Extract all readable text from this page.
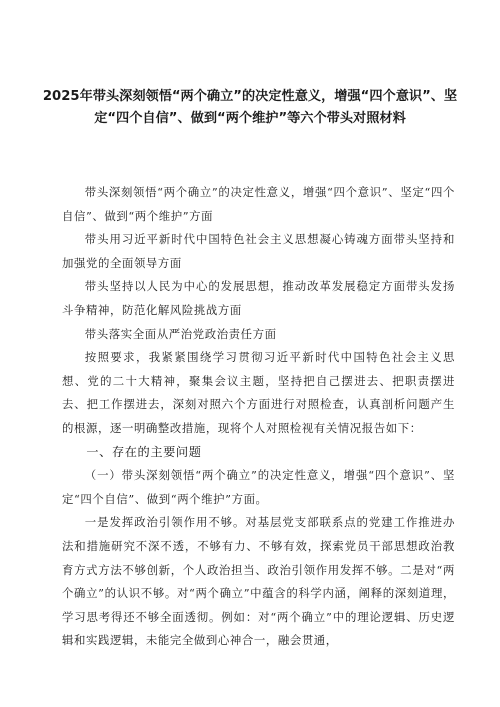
2025年带头深刻领悟“两个确立”的决定性意义，增强“四个意识”、坚定“四个自信”、做到“两个维护”等六个带头对照材料

带头深刻领悟“两个确立”的决定性意义，增强“四个意识”、坚定“四个自信”、做到“两个维护”方面

带头用习近平新时代中国特色社会主义思想凝心铸魂方面带头坚持和加强党的全面领导方面

带头坚持以人民为中心的发展思想，推动改革发展稳定方面带头发扬斗争精神，防范化解风险挑战方面

带头落实全面从严治党政治责任方面

按照要求，我紧紧围绕学习贯彻习近平新时代中国特色社会主义思想、党的二十大精神，聚集会议主题，坚持把自己摆进去、把职责摆进去、把工作摆进去，深刻对照六个方面进行对照检查，认真剖析问题产生的根源，逐一明确整改措施，现将个人对照检视有关情况报告如下：

一、存在的主要问题

（一）带头深刻领悟“两个确立”的决定性意义，增强“四个意识”、坚定“四个自信”、做到“两个维护”方面。

一是发挥政治引领作用不够。对基层党支部联系点的党建工作推进办法和措施研究不深不透，不够有力、不够有效，探索党员干部思想政治教育方式方法不够创新，个人政治担当、政治引领作用发挥不够。二是对“两个确立”的认识不够。对“两个确立”中蕴含的科学内涵，阐释的深刻道理，学习思考得还不够全面透彻。例如：对“两个确立”中的理论逻辑、历史逻辑和实践逻辑，未能完全做到心神合一，融会贯通，
